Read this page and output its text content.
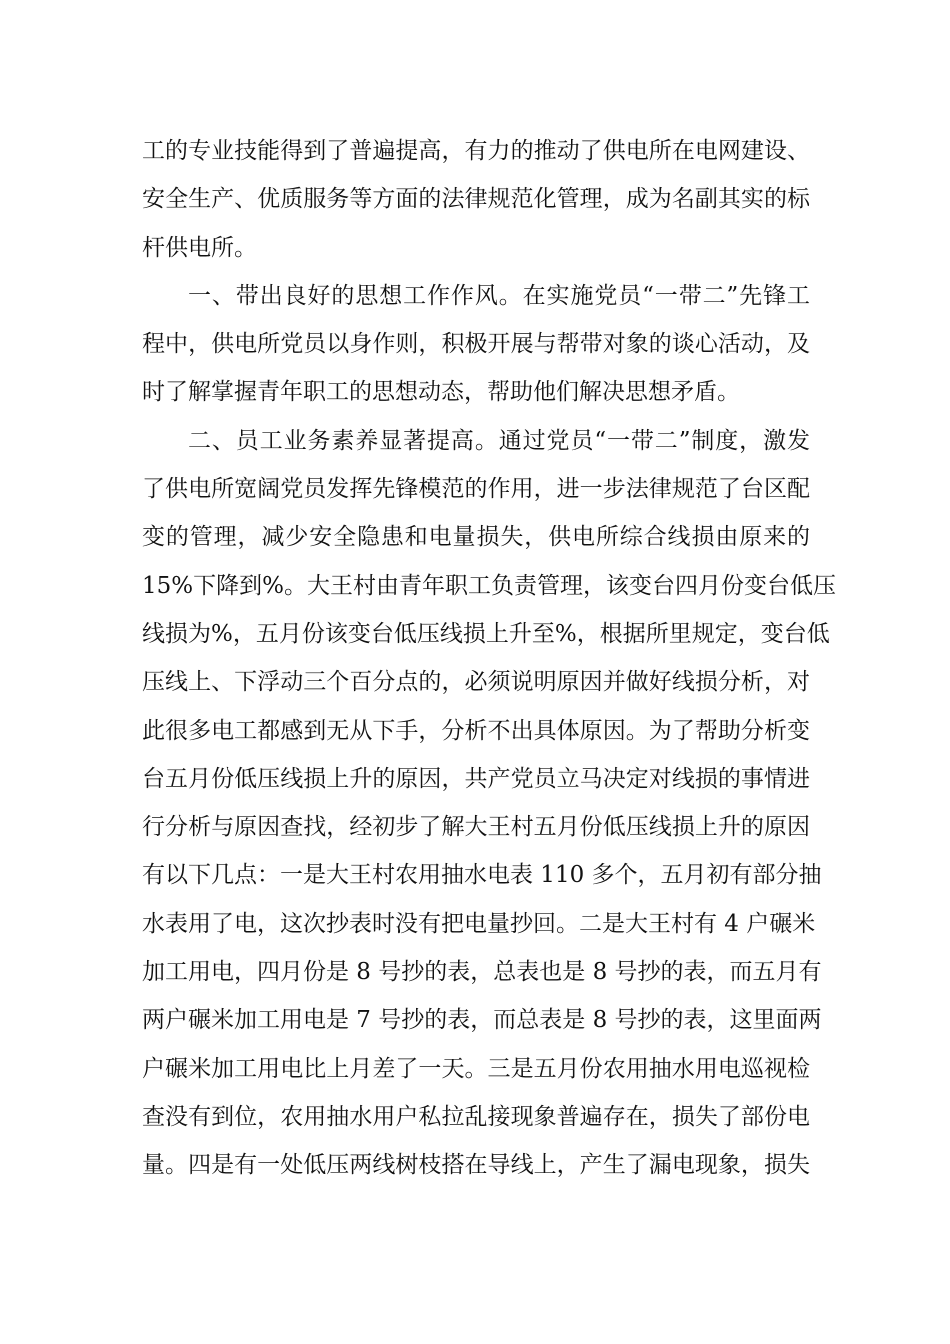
工的专业技能得到了普遍提高，有力的推动了供电所在电网建设、
安全生产、优质服务等方面的法律规范化管理，成为名副其实的标
杆供电所。
一、带出良好的思想工作作风。在实施党员“一带二”先锋工
程中，供电所党员以身作则，积极开展与帮带对象的谈心活动，及
时了解掌握青年职工的思想动态，帮助他们解决思想矛盾。
二、员工业务素养显著提高。通过党员“一带二”制度，激发
了供电所宽阔党员发挥先锋模范的作用，进一步法律规范了台区配
变的管理，减少安全隐患和电量损失，供电所综合线损由原来的
15%下降到%。大王村由青年职工负责管理，该变台四月份变台低压
线损为%，五月份该变台低压线损上升至%，根据所里规定，变台低
压线上、下浮动三个百分点的，必须说明原因并做好线损分析，对
此很多电工都感到无从下手，分析不出具体原因。为了帮助分析变
台五月份低压线损上升的原因，共产党员立马决定对线损的事情进
行分析与原因查找，经初步了解大王村五月份低压线损上升的原因
有以下几点：一是大王村农用抽水电表 110 多个，五月初有部分抽
水表用了电，这次抄表时没有把电量抄回。二是大王村有 4 户碾米
加工用电，四月份是 8 号抄的表，总表也是 8 号抄的表，而五月有
两户碾米加工用电是 7 号抄的表，而总表是 8 号抄的表，这里面两
户碾米加工用电比上月差了一天。三是五月份农用抽水用电巡视检
查没有到位，农用抽水用户私拉乱接现象普遍存在，损失了部份电
量。四是有一处低压两线树枝搭在导线上，产生了漏电现象，损失
